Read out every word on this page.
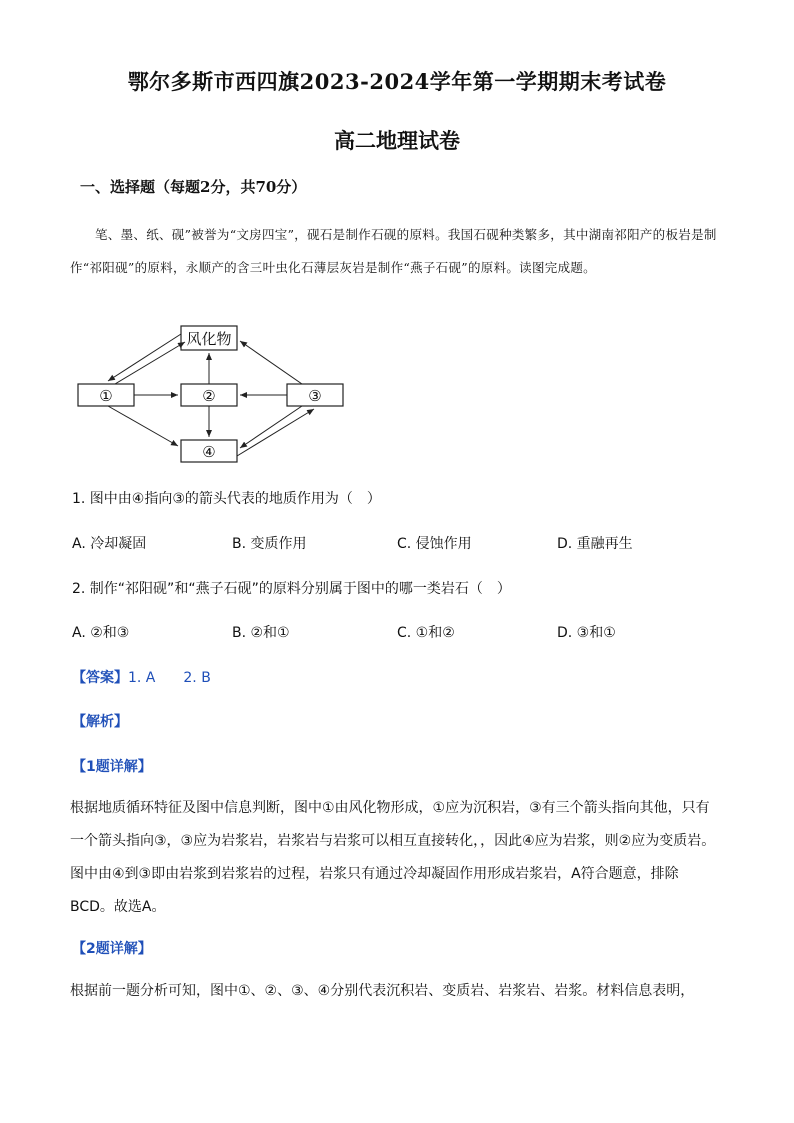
鄂尔多斯市西四旗2023-2024学年第一学期期末考试卷
高二地理试卷
一、选择题（每题2分，共70分）
笔、墨、纸、砚”被誉为“文房四宝”，砚石是制作石砚的原料。我国石砚种类繁多，其中湖南祁阳产的板岩是制作“祁阳砚”的原料，永顺产的含三叶虫化石薄层灰岩是制作“燕子石砚”的原料。读图完成题。
风化物
①	②	③
④
1. 图中由④指向③的箭头代表的地质作用为（　）
A. 冷却凝固	B. 变质作用	C. 侵蚀作用	D. 重融再生
2. 制作“祁阳砚”和“燕子石砚”的原料分别属于图中的哪一类岩石（　）
A. ②和③	B. ②和①	C. ①和②	D. ③和①
【答案】1. A　　2. B
【解析】
【1题详解】
根据地质循环特征及图中信息判断，图中①由风化物形成，①应为沉积岩，③有三个箭头指向其他，只有一个箭头指向③，③应为岩浆岩，岩浆岩与岩浆可以相互直接转化，，因此④应为岩浆，则②应为变质岩。图中由④到③即由岩浆到岩浆岩的过程，岩浆只有通过冷却凝固作用形成岩浆岩，A符合题意，排除BCD。故选A。
【2题详解】
根据前一题分析可知，图中①、②、③、④分别代表沉积岩、变质岩、岩浆岩、岩浆。材料信息表明，
